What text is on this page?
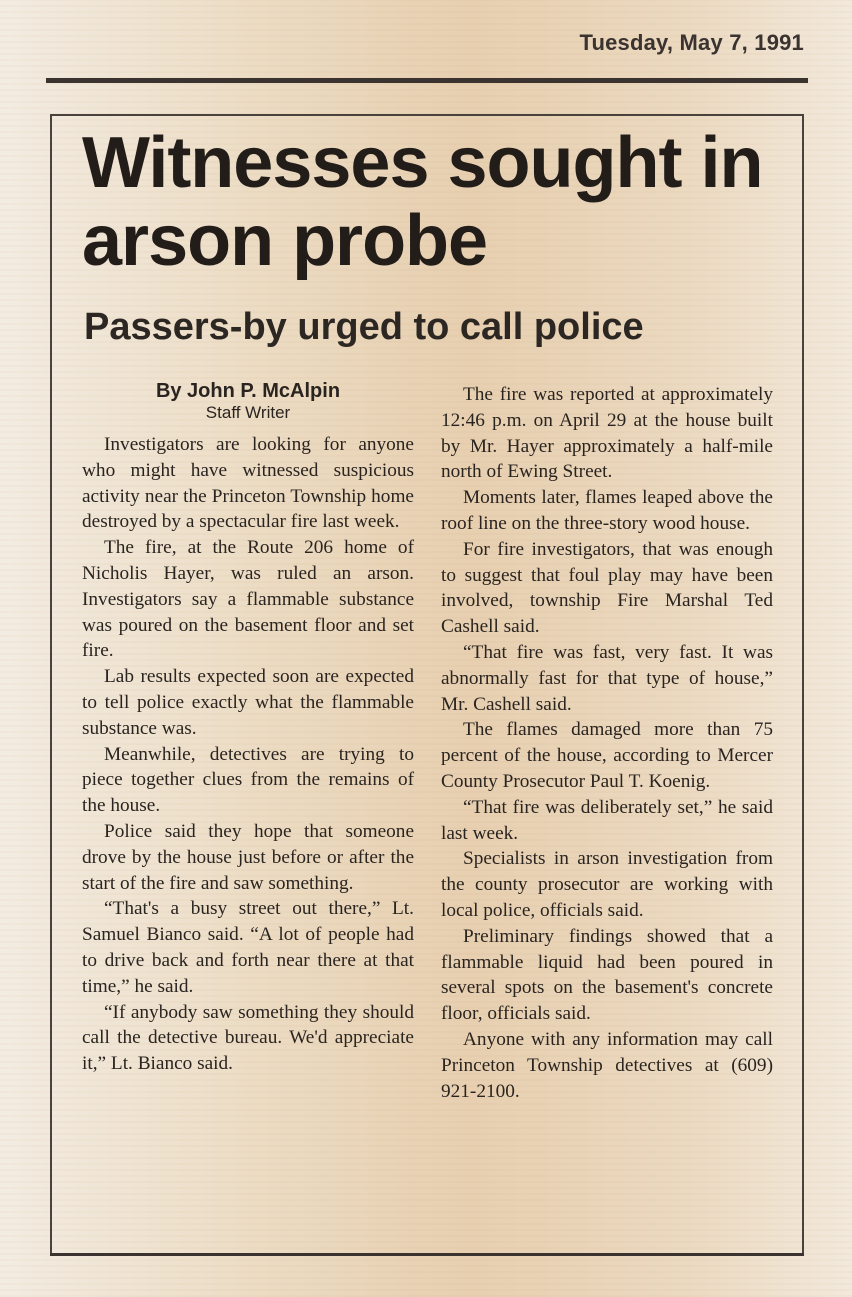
Tuesday, May 7, 1991
Witnesses sought in arson probe
Passers-by urged to call police
By John P. McAlpin
Staff Writer

Investigators are looking for anyone who might have witnessed suspicious activity near the Princeton Township home destroyed by a spectacular fire last week.

The fire, at the Route 206 home of Nicholis Hayer, was ruled an arson. Investigators say a flammable substance was poured on the basement floor and set fire.

Lab results expected soon are expected to tell police exactly what the flammable substance was.

Meanwhile, detectives are trying to piece together clues from the remains of the house.

Police said they hope that someone drove by the house just before or after the start of the fire and saw something.

“That's a busy street out there,” Lt. Samuel Bianco said. “A lot of people had to drive back and forth near there at that time,” he said.

“If anybody saw something they should call the detective bureau. We'd appreciate it,” Lt. Bianco said.

The fire was reported at approximately 12:46 p.m. on April 29 at the house built by Mr. Hayer approximately a half-mile north of Ewing Street.

Moments later, flames leaped above the roof line on the three-story wood house.

For fire investigators, that was enough to suggest that foul play may have been involved, township Fire Marshal Ted Cashell said.

“That fire was fast, very fast. It was abnormally fast for that type of house,” Mr. Cashell said.

The flames damaged more than 75 percent of the house, according to Mercer County Prosecutor Paul T. Koenig.

“That fire was deliberately set,” he said last week.

Specialists in arson investigation from the county prosecutor are working with local police, officials said.

Preliminary findings showed that a flammable liquid had been poured in several spots on the basement's concrete floor, officials said.

Anyone with any information may call Princeton Township detectives at (609) 921-2100.
